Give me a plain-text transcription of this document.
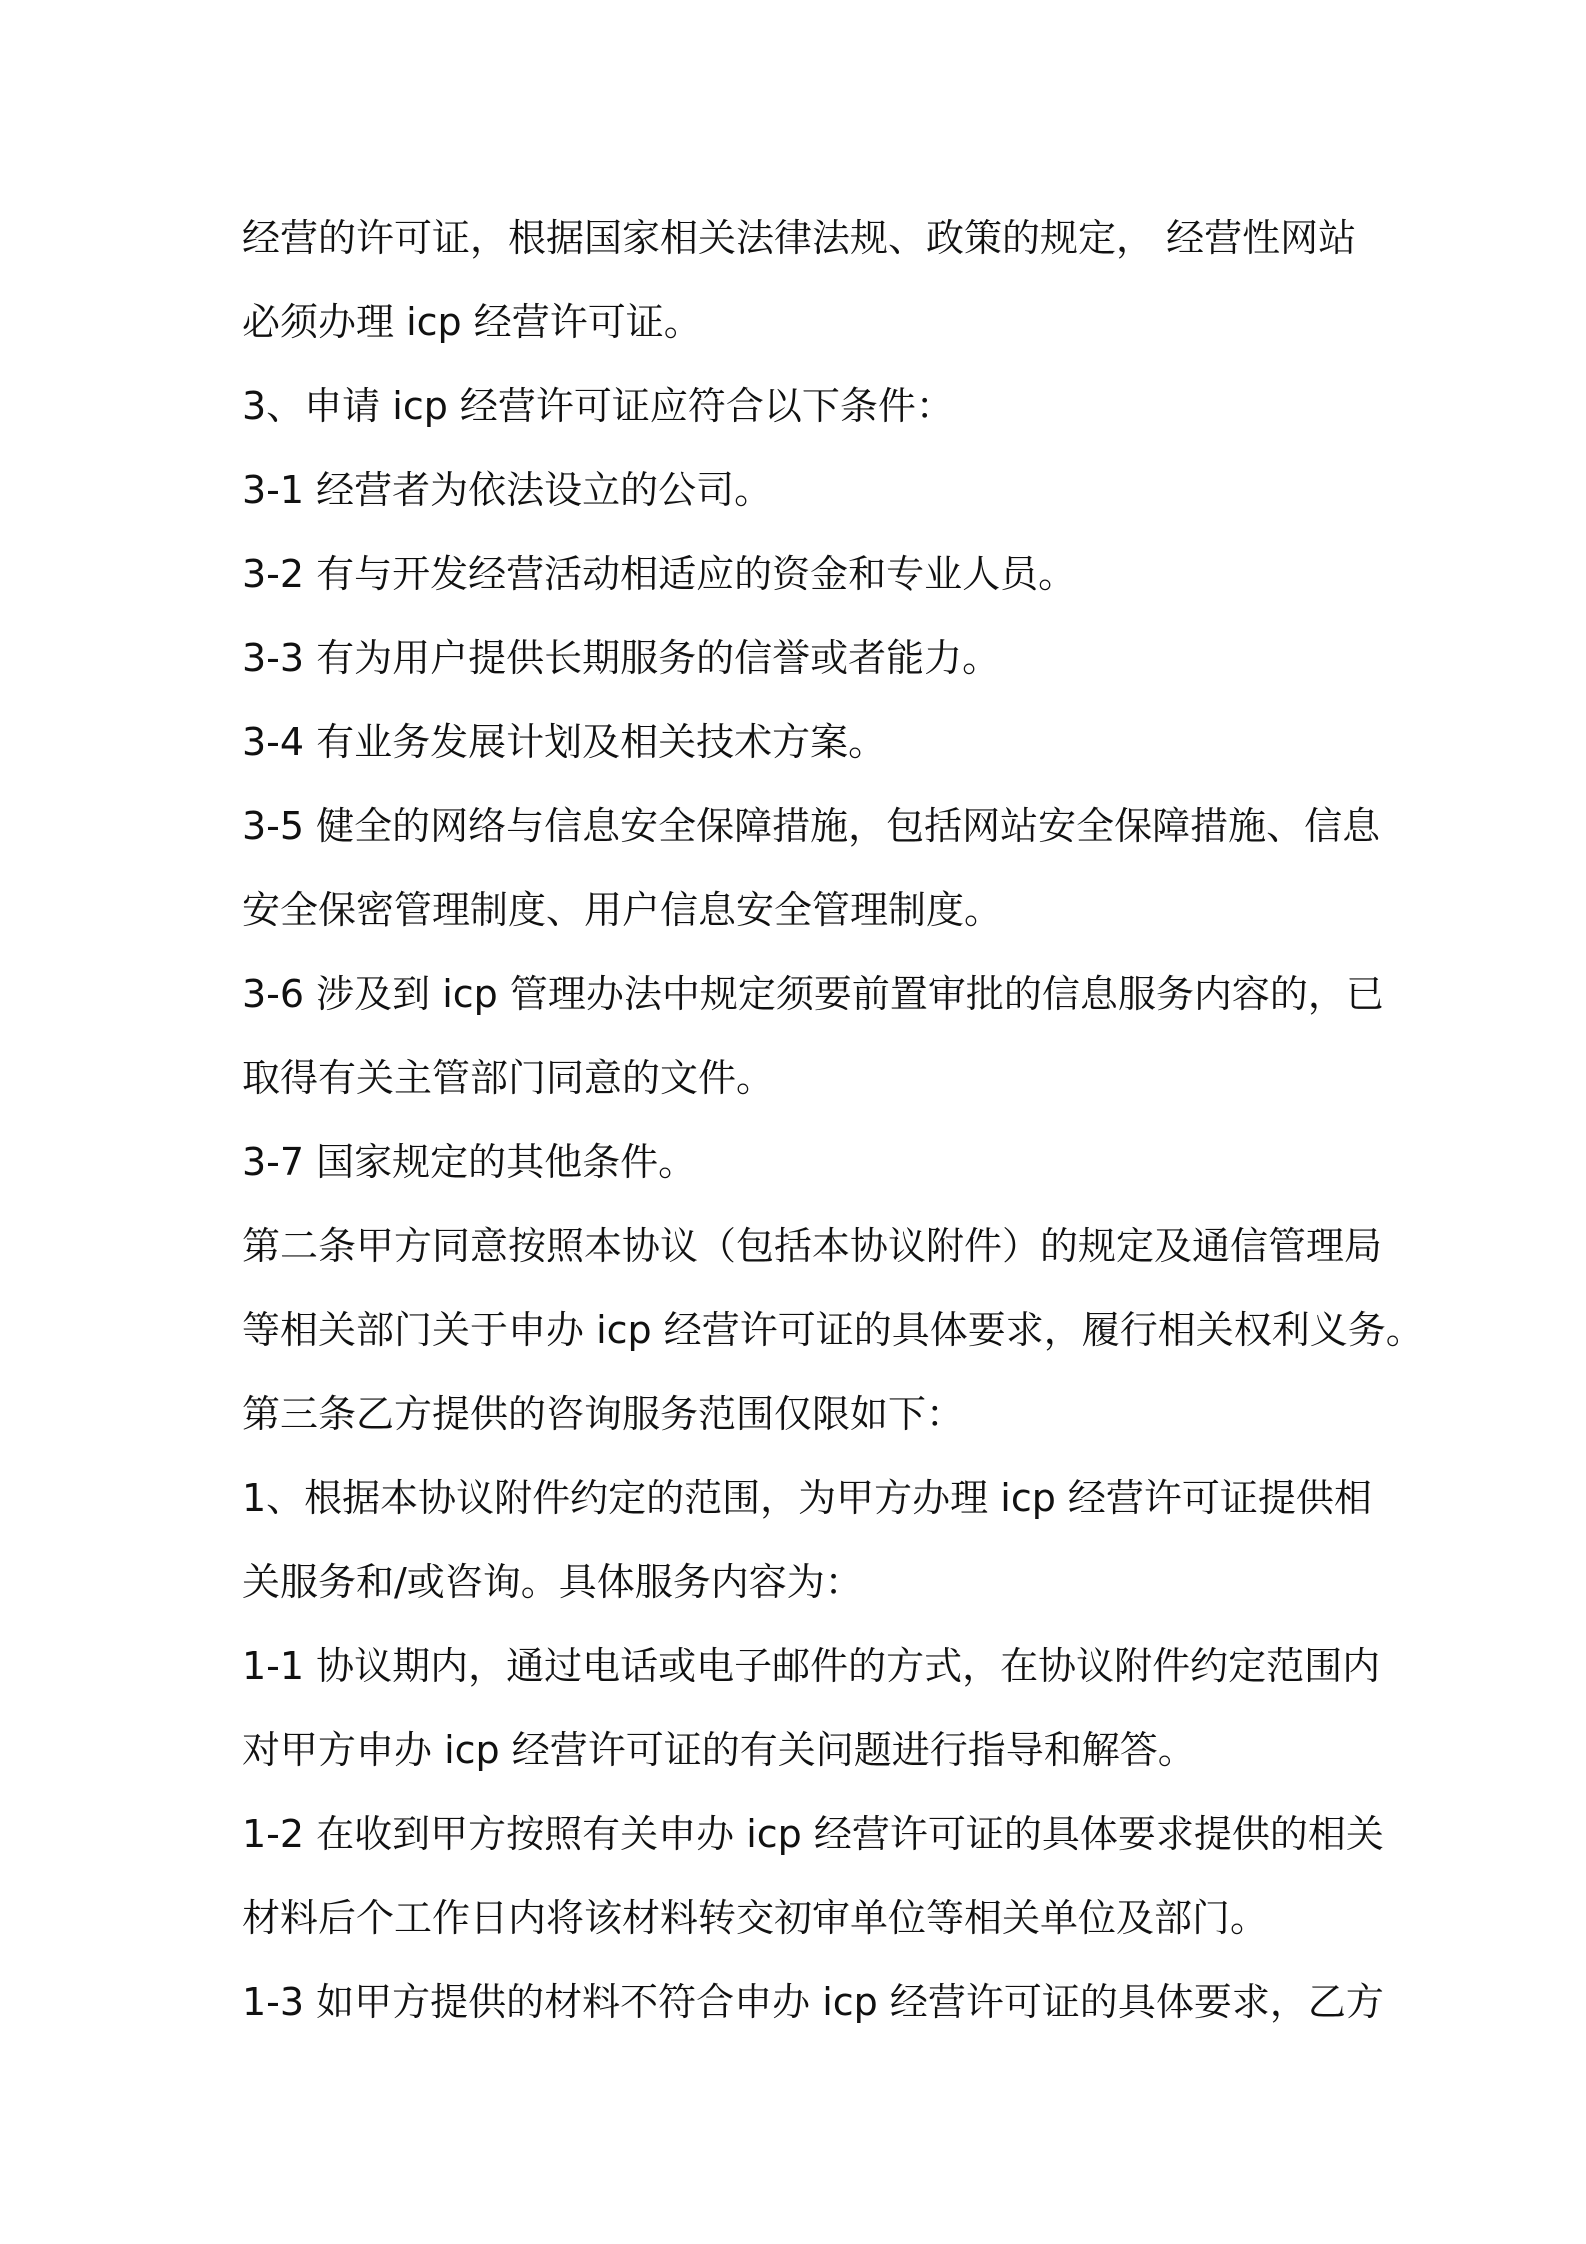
经营的许可证，根据国家相关法律法规、政策的规定， 经营性网站
必须办理 icp 经营许可证。
3、申请 icp 经营许可证应符合以下条件：
3-1 经营者为依法设立的公司。
3-2 有与开发经营活动相适应的资金和专业人员。
3-3 有为用户提供长期服务的信誉或者能力。
3-4 有业务发展计划及相关技术方案。
3-5 健全的网络与信息安全保障措施，包括网站安全保障措施、信息
安全保密管理制度、用户信息安全管理制度。
3-6 涉及到 icp 管理办法中规定须要前置审批的信息服务内容的，已
取得有关主管部门同意的文件。
3-7 国家规定的其他条件。
第二条甲方同意按照本协议（包括本协议附件）的规定及通信管理局
等相关部门关于申办 icp 经营许可证的具体要求，履行相关权利义务。
第三条乙方提供的咨询服务范围仅限如下：
1、根据本协议附件约定的范围，为甲方办理 icp 经营许可证提供相
关服务和/或咨询。具体服务内容为：
1-1 协议期内，通过电话或电子邮件的方式，在协议附件约定范围内
对甲方申办 icp 经营许可证的有关问题进行指导和解答。
1-2 在收到甲方按照有关申办 icp 经营许可证的具体要求提供的相关
材料后个工作日内将该材料转交初审单位等相关单位及部门。
1-3 如甲方提供的材料不符合申办 icp 经营许可证的具体要求，乙方
